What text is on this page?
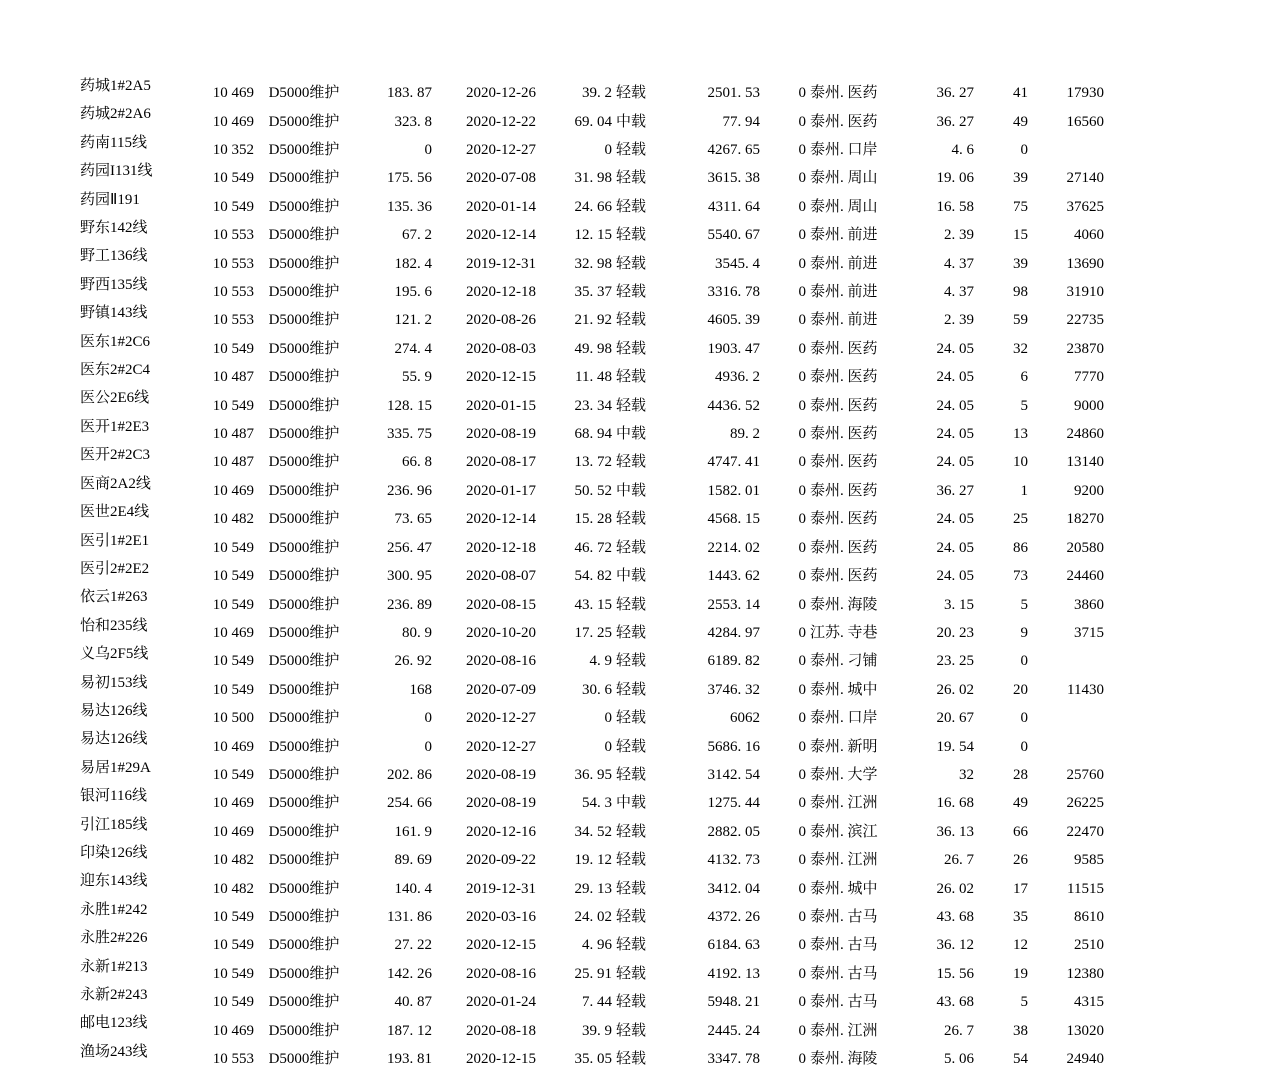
药城1#2A5	10 469	D5000维护	183. 87	2020-12-26	39. 2	轻载	2501. 53	0	泰州. 医药	36. 27	41	17930
药城2#2A6	10 469	D5000维护	323. 8	2020-12-22	69. 04	中载	77. 94	0	泰州. 医药	36. 27	49	16560
药南115线	10 352	D5000维护	0	2020-12-27	0	轻载	4267. 65	0	泰州. 口岸	4. 6	0	
药园I131线	10 549	D5000维护	175. 56	2020-07-08	31. 98	轻载	3615. 38	0	泰州. 周山	19. 06	39	27140
药园Ⅱ191	10 549	D5000维护	135. 36	2020-01-14	24. 66	轻载	4311. 64	0	泰州. 周山	16. 58	75	37625
野东142线	10 553	D5000维护	67. 2	2020-12-14	12. 15	轻载	5540. 67	0	泰州. 前进	2. 39	15	4060
野工136线	10 553	D5000维护	182. 4	2019-12-31	32. 98	轻载	3545. 4	0	泰州. 前进	4. 37	39	13690
野西135线	10 553	D5000维护	195. 6	2020-12-18	35. 37	轻载	3316. 78	0	泰州. 前进	4. 37	98	31910
野镇143线	10 553	D5000维护	121. 2	2020-08-26	21. 92	轻载	4605. 39	0	泰州. 前进	2. 39	59	22735
医东1#2C6	10 549	D5000维护	274. 4	2020-08-03	49. 98	轻载	1903. 47	0	泰州. 医药	24. 05	32	23870
医东2#2C4	10 487	D5000维护	55. 9	2020-12-15	11. 48	轻载	4936. 2	0	泰州. 医药	24. 05	6	7770
医公2E6线	10 549	D5000维护	128. 15	2020-01-15	23. 34	轻载	4436. 52	0	泰州. 医药	24. 05	5	9000
医开1#2E3	10 487	D5000维护	335. 75	2020-08-19	68. 94	中载	89. 2	0	泰州. 医药	24. 05	13	24860
医开2#2C3	10 487	D5000维护	66. 8	2020-08-17	13. 72	轻载	4747. 41	0	泰州. 医药	24. 05	10	13140
医商2A2线	10 469	D5000维护	236. 96	2020-01-17	50. 52	中载	1582. 01	0	泰州. 医药	36. 27	1	9200
医世2E4线	10 482	D5000维护	73. 65	2020-12-14	15. 28	轻载	4568. 15	0	泰州. 医药	24. 05	25	18270
医引1#2E1	10 549	D5000维护	256. 47	2020-12-18	46. 72	轻载	2214. 02	0	泰州. 医药	24. 05	86	20580
医引2#2E2	10 549	D5000维护	300. 95	2020-08-07	54. 82	中载	1443. 62	0	泰州. 医药	24. 05	73	24460
依云1#263	10 549	D5000维护	236. 89	2020-08-15	43. 15	轻载	2553. 14	0	泰州. 海陵	3. 15	5	3860
怡和235线	10 469	D5000维护	80. 9	2020-10-20	17. 25	轻载	4284. 97	0	江苏. 寺巷	20. 23	9	3715
义乌2F5线	10 549	D5000维护	26. 92	2020-08-16	4. 9	轻载	6189. 82	0	泰州. 刁铺	23. 25	0	
易初153线	10 549	D5000维护	168	2020-07-09	30. 6	轻载	3746. 32	0	泰州. 城中	26. 02	20	11430
易达126线	10 500	D5000维护	0	2020-12-27	0	轻载	6062	0	泰州. 口岸	20. 67	0	
易达126线	10 469	D5000维护	0	2020-12-27	0	轻载	5686. 16	0	泰州. 新明	19. 54	0	
易居1#29A	10 549	D5000维护	202. 86	2020-08-19	36. 95	轻载	3142. 54	0	泰州. 大学	32	28	25760
银河116线	10 469	D5000维护	254. 66	2020-08-19	54. 3	中载	1275. 44	0	泰州. 江洲	16. 68	49	26225
引江185线	10 469	D5000维护	161. 9	2020-12-16	34. 52	轻载	2882. 05	0	泰州. 滨江	36. 13	66	22470
印染126线	10 482	D5000维护	89. 69	2020-09-22	19. 12	轻载	4132. 73	0	泰州. 江洲	26. 7	26	9585
迎东143线	10 482	D5000维护	140. 4	2019-12-31	29. 13	轻载	3412. 04	0	泰州. 城中	26. 02	17	11515
永胜1#242	10 549	D5000维护	131. 86	2020-03-16	24. 02	轻载	4372. 26	0	泰州. 古马	43. 68	35	8610
永胜2#226	10 549	D5000维护	27. 22	2020-12-15	4. 96	轻载	6184. 63	0	泰州. 古马	36. 12	12	2510
永新1#213	10 549	D5000维护	142. 26	2020-08-16	25. 91	轻载	4192. 13	0	泰州. 古马	15. 56	19	12380
永新2#243	10 549	D5000维护	40. 87	2020-01-24	7. 44	轻载	5948. 21	0	泰州. 古马	43. 68	5	4315
邮电123线	10 469	D5000维护	187. 12	2020-08-18	39. 9	轻载	2445. 24	0	泰州. 江洲	26. 7	38	13020
渔场243线	10 553	D5000维护	193. 81	2020-12-15	35. 05	轻载	3347. 78	0	泰州. 海陵	5. 06	54	24940
